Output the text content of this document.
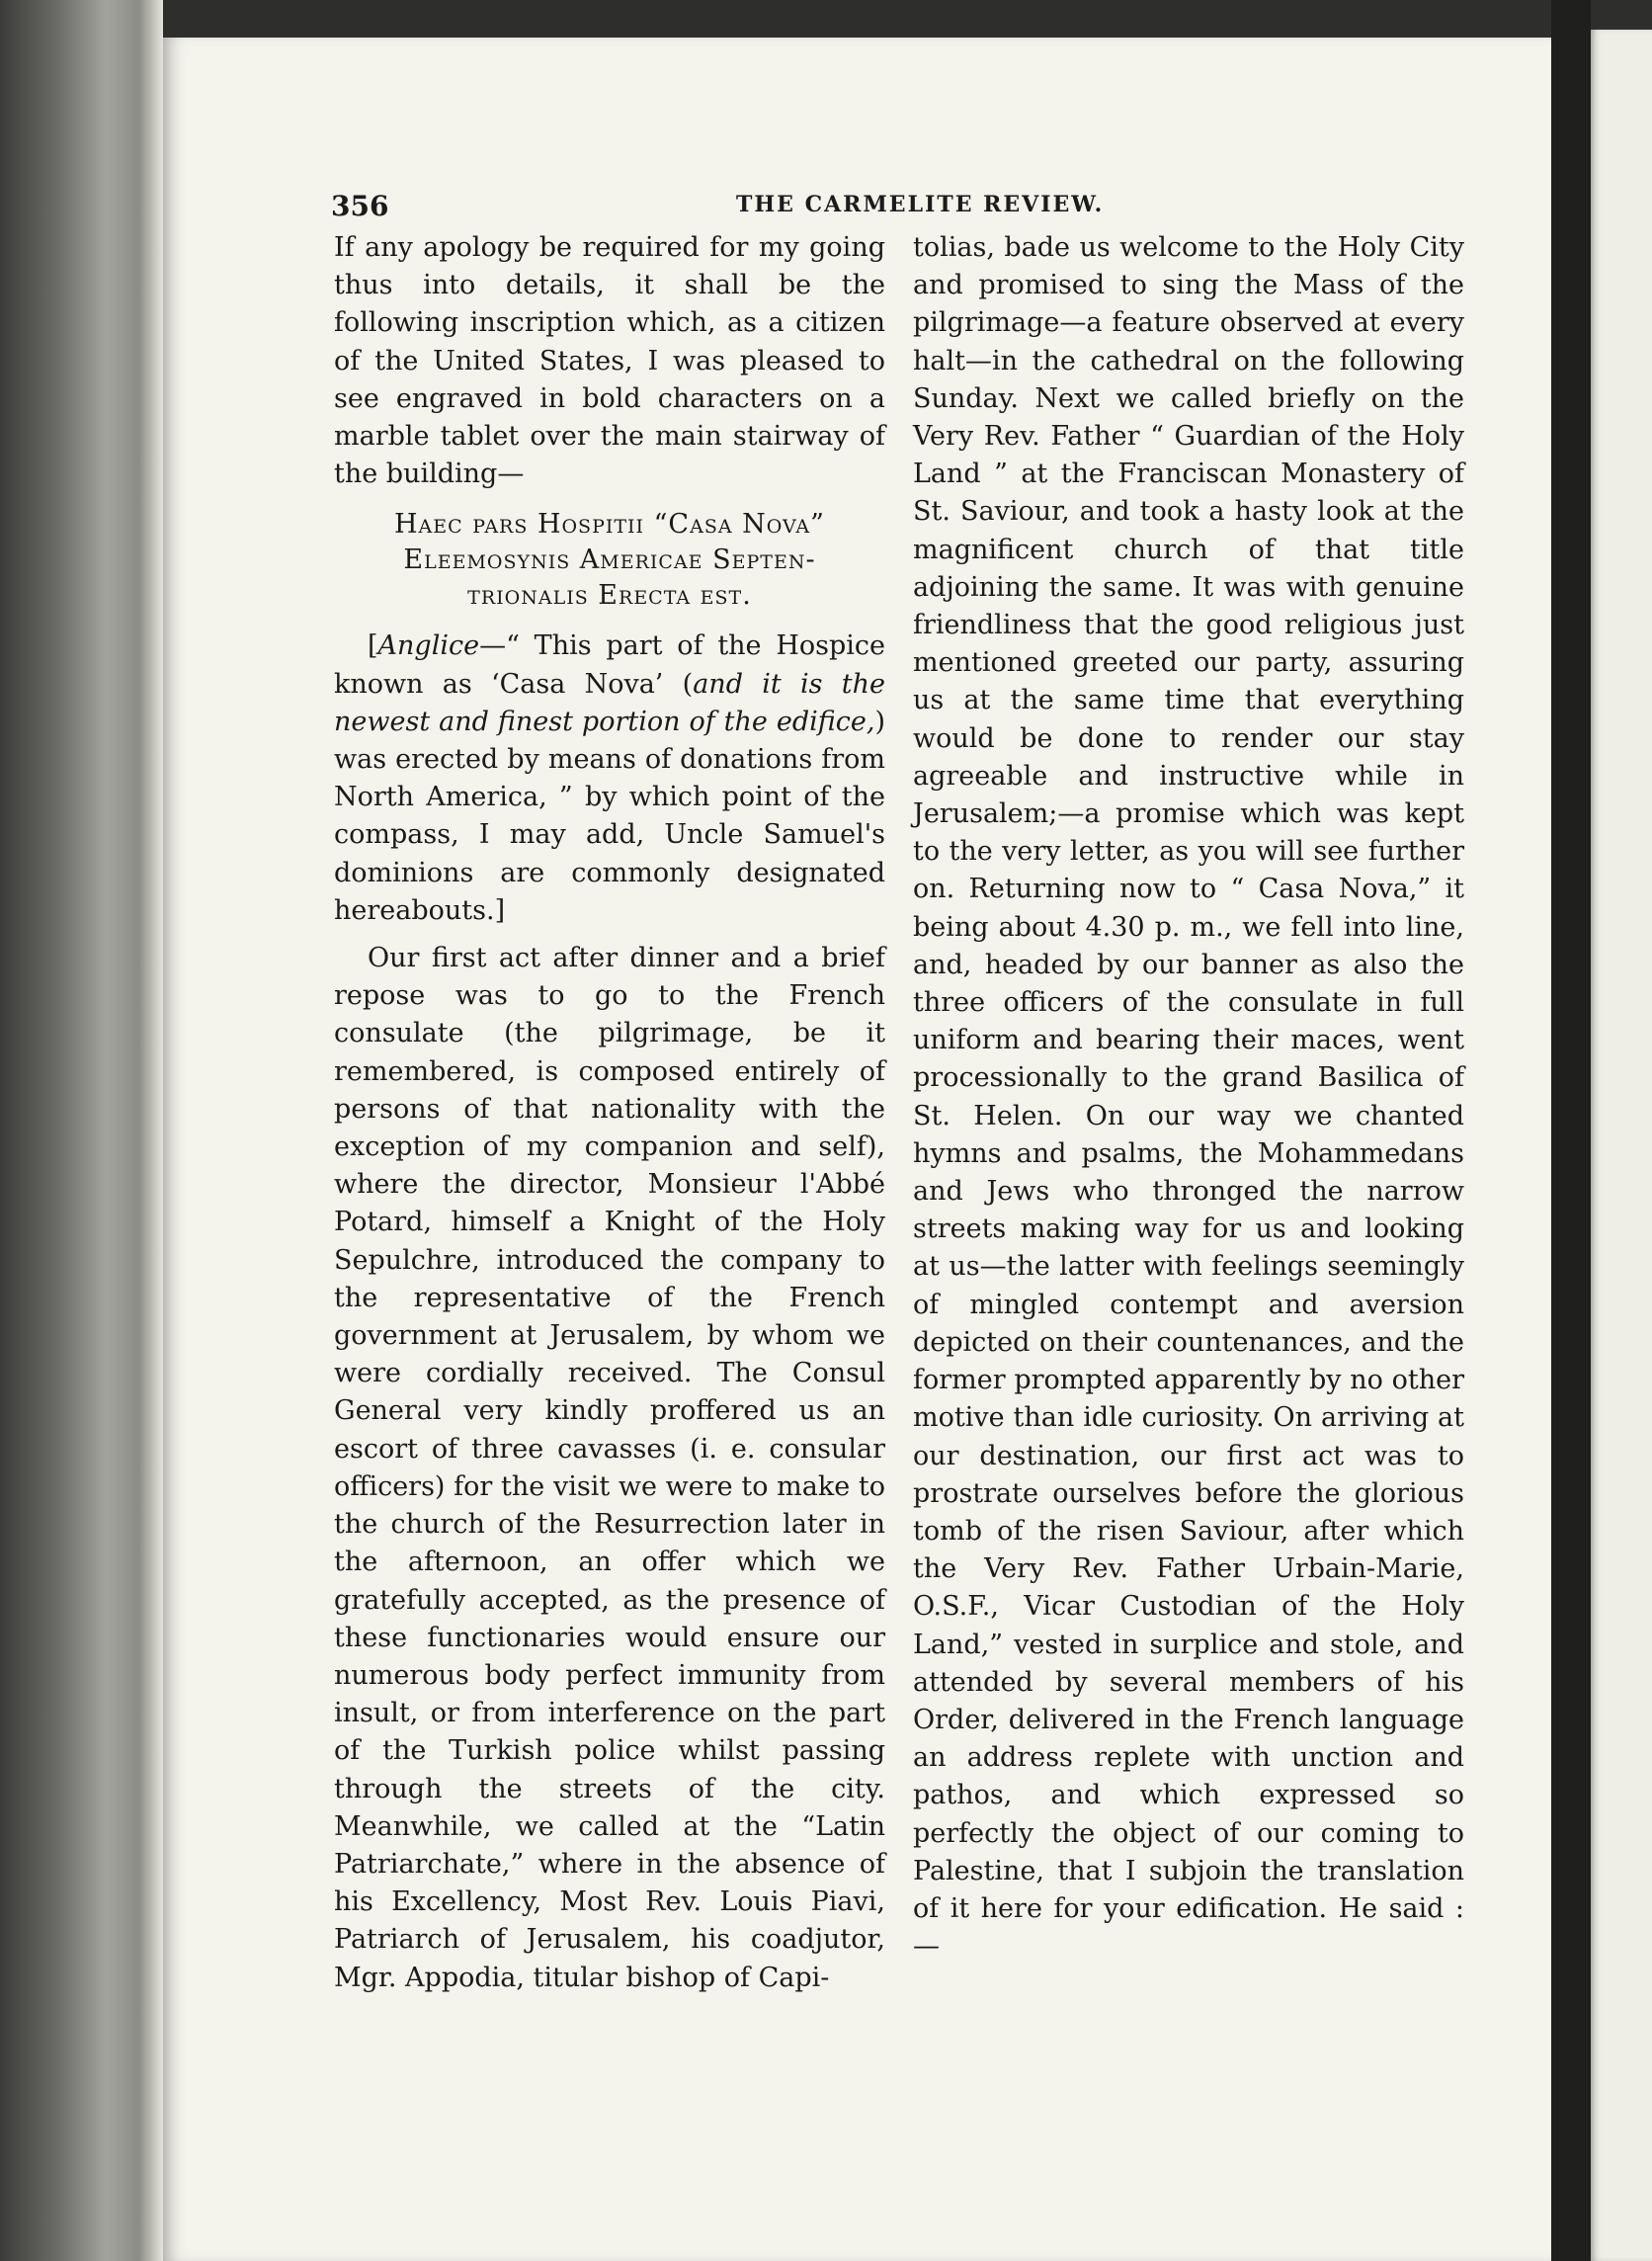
356	THE CARMELITE REVIEW.

If any apology be required for my going thus into details, it shall be the following inscription which, as a citizen of the United States, I was pleased to see engraved in bold characters on a marble tablet over the main stairway of the building—

Haec pars Hospitii “Casa Nova”
Eleemosynis Americae Septen-
trionalis Erecta est.

[Anglice—“ This part of the Hospice known as ‘Casa Nova’ (and it is the newest and finest portion of the edifice,) was erected by means of donations from North America, ” by which point of the compass, I may add, Uncle Samuel's dominions are commonly designated hereabouts.]

Our first act after dinner and a brief repose was to go to the French consulate (the pilgrimage, be it remembered, is composed entirely of persons of that nationality with the exception of my companion and self), where the director, Monsieur l'Abbé Potard, himself a Knight of the Holy Sepulchre, introduced the company to the representative of the French government at Jerusalem, by whom we were cordially received. The Consul General very kindly proffered us an escort of three cavasses (i. e. consular officers) for the visit we were to make to the church of the Resurrection later in the afternoon, an offer which we gratefully accepted, as the presence of these functionaries would ensure our numerous body perfect immunity from insult, or from interference on the part of the Turkish police whilst passing through the streets of the city. Meanwhile, we called at the “Latin Patriarchate,” where in the absence of his Excellency, Most Rev. Louis Piavi, Patriarch of Jerusalem, his coadjutor, Mgr. Appodia, titular bishop of Capi-

tolias, bade us welcome to the Holy City and promised to sing the Mass of the pilgrimage—a feature observed at every halt—in the cathedral on the following Sunday. Next we called briefly on the Very Rev. Father “ Guardian of the Holy Land ” at the Franciscan Monastery of St. Saviour, and took a hasty look at the magnificent church of that title adjoining the same. It was with genuine friendliness that the good religious just mentioned greeted our party, assuring us at the same time that everything would be done to render our stay agreeable and instructive while in Jerusalem;—a promise which was kept to the very letter, as you will see further on. Returning now to “ Casa Nova,” it being about 4.30 p. m., we fell into line, and, headed by our banner as also the three officers of the consulate in full uniform and bearing their maces, went processionally to the grand Basilica of St. Helen. On our way we chanted hymns and psalms, the Mohammedans and Jews who thronged the narrow streets making way for us and looking at us—the latter with feelings seemingly of mingled contempt and aversion depicted on their countenances, and the former prompted apparently by no other motive than idle curiosity. On arriving at our destination, our first act was to prostrate ourselves before the glorious tomb of the risen Saviour, after which the Very Rev. Father Urbain-Marie, O.S.F., Vicar Custodian of the Holy Land,” vested in surplice and stole, and attended by several members of his Order, delivered in the French language an address replete with unction and pathos, and which expressed so perfectly the object of our coming to Palestine, that I subjoin the translation of it here for your edification. He said :—
